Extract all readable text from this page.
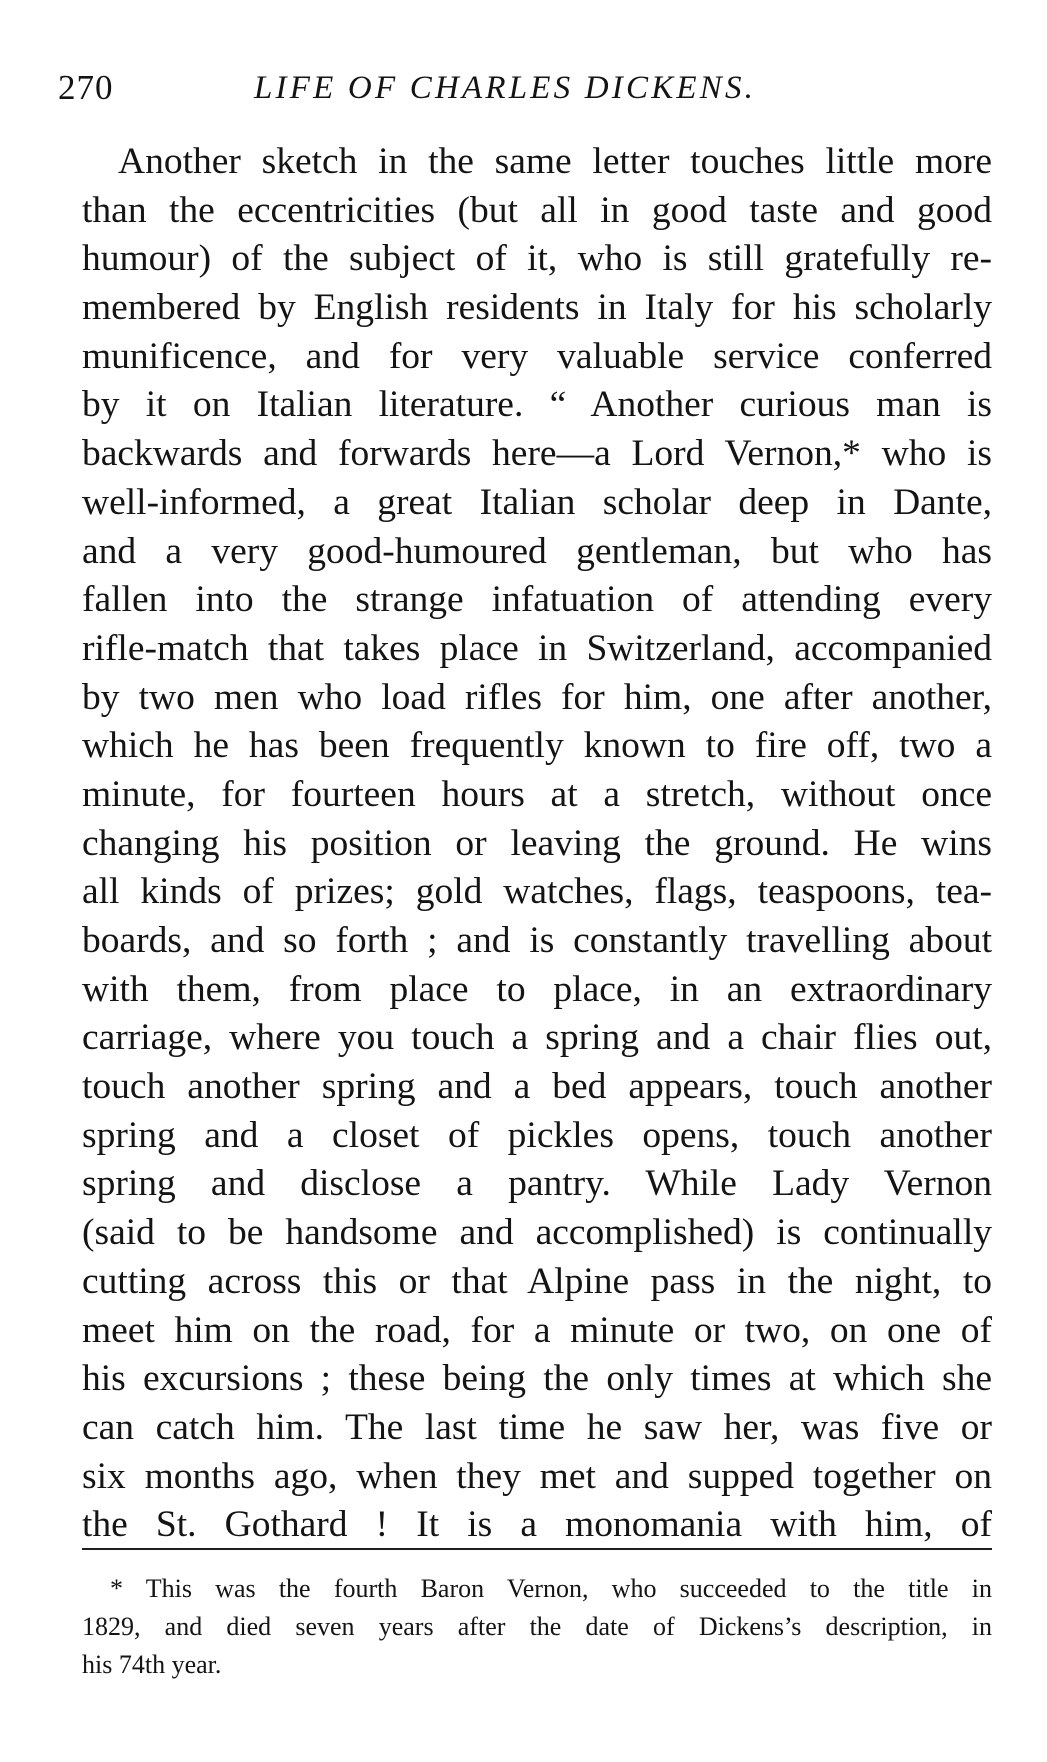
270	LIFE OF CHARLES DICKENS.
Another sketch in the same letter touches little more
than the eccentricities (but all in good taste and good
humour) of the subject of it, who is still gratefully re-
membered by English residents in Italy for his scholarly
munificence, and for very valuable service conferred
by it on Italian literature. “ Another curious man is
backwards and forwards here—a Lord Vernon,* who is
well-informed, a great Italian scholar deep in Dante,
and a very good-humoured gentleman, but who has
fallen into the strange infatuation of attending every
rifle-match that takes place in Switzerland, accompanied
by two men who load rifles for him, one after another,
which he has been frequently known to fire off, two a
minute, for fourteen hours at a stretch, without once
changing his position or leaving the ground. He wins
all kinds of prizes; gold watches, flags, teaspoons, tea-
boards, and so forth ; and is constantly travelling about
with them, from place to place, in an extraordinary
carriage, where you touch a spring and a chair flies out,
touch another spring and a bed appears, touch another
spring and a closet of pickles opens, touch another
spring and disclose a pantry. While Lady Vernon
(said to be handsome and accomplished) is continually
cutting across this or that Alpine pass in the night, to
meet him on the road, for a minute or two, on one of
his excursions ; these being the only times at which she
can catch him. The last time he saw her, was five or
six months ago, when they met and supped together on
the St. Gothard ! It is a monomania with him, of
* This was the fourth Baron Vernon, who succeeded to the title in
1829, and died seven years after the date of Dickens’s description, in
his 74th year.
